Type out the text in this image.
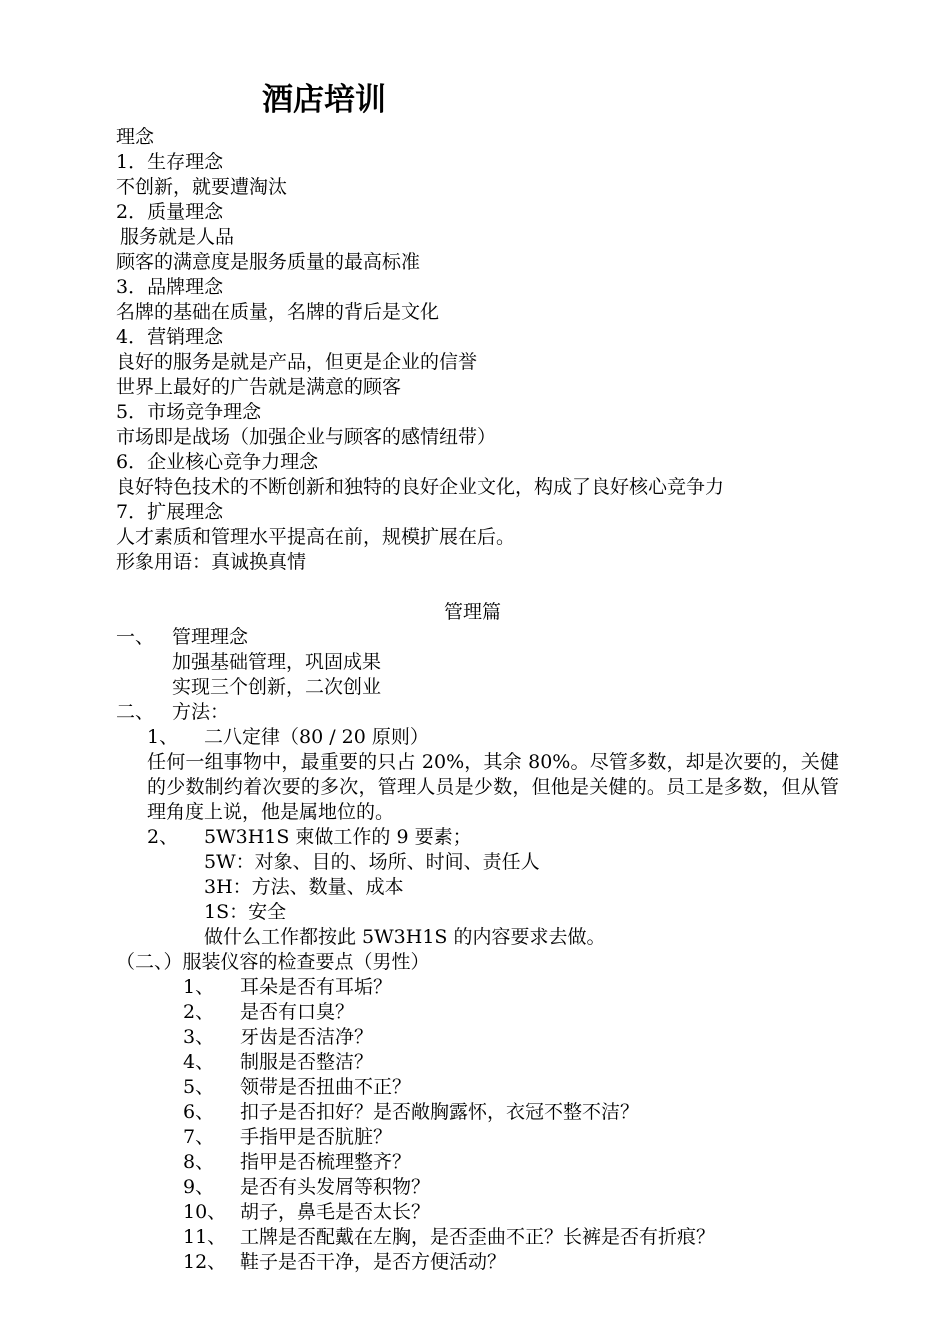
酒店培训
理念
1．生存理念
不创新，就要遭淘汰
2．质量理念
服务就是人品
顾客的满意度是服务质量的最高标准
3．品牌理念
名牌的基础在质量，名牌的背后是文化
4．营销理念
良好的服务是就是产品，但更是企业的信誉
世界上最好的广告就是满意的顾客
5．市场竞争理念
市场即是战场（加强企业与顾客的感情纽带）
6．企业核心竞争力理念
良好特色技术的不断创新和独特的良好企业文化，构成了良好核心竞争力
7．扩展理念
人才素质和管理水平提高在前，规模扩展在后。
形象用语：真诚换真情
管理篇
一、 管理理念
加强基础管理，巩固成果
实现三个创新，二次创业
二、 方法：
1、 二八定律（80 / 20 原则）
任何一组事物中，最重要的只占 20%，其余 80%。尽管多数，却是次要的，关健的少数制约着次要的多次，管理人员是少数，但他是关健的。员工是多数，但从管理角度上说，他是属地位的。
2、 5W3H1S 柬做工作的 9 要素；
5W：对象、目的、场所、时间、责任人
3H：方法、数量、成本
1S：安全
做什么工作都按此 5W3H1S 的内容要求去做。
（二、）服装仪容的检查要点（男性）
1、 耳朵是否有耳垢？
2、 是否有口臭？
3、 牙齿是否洁净？
4、 制服是否整洁？
5、 领带是否扭曲不正？
6、 扣子是否扣好？是否敞胸露怀，衣冠不整不洁？
7、 手指甲是否肮脏？
8、 指甲是否梳理整齐？
9、 是否有头发屑等积物？
10、 胡子，鼻毛是否太长？
11、 工牌是否配戴在左胸，是否歪曲不正？长裤是否有折痕？
12、 鞋子是否干净，是否方便活动？
